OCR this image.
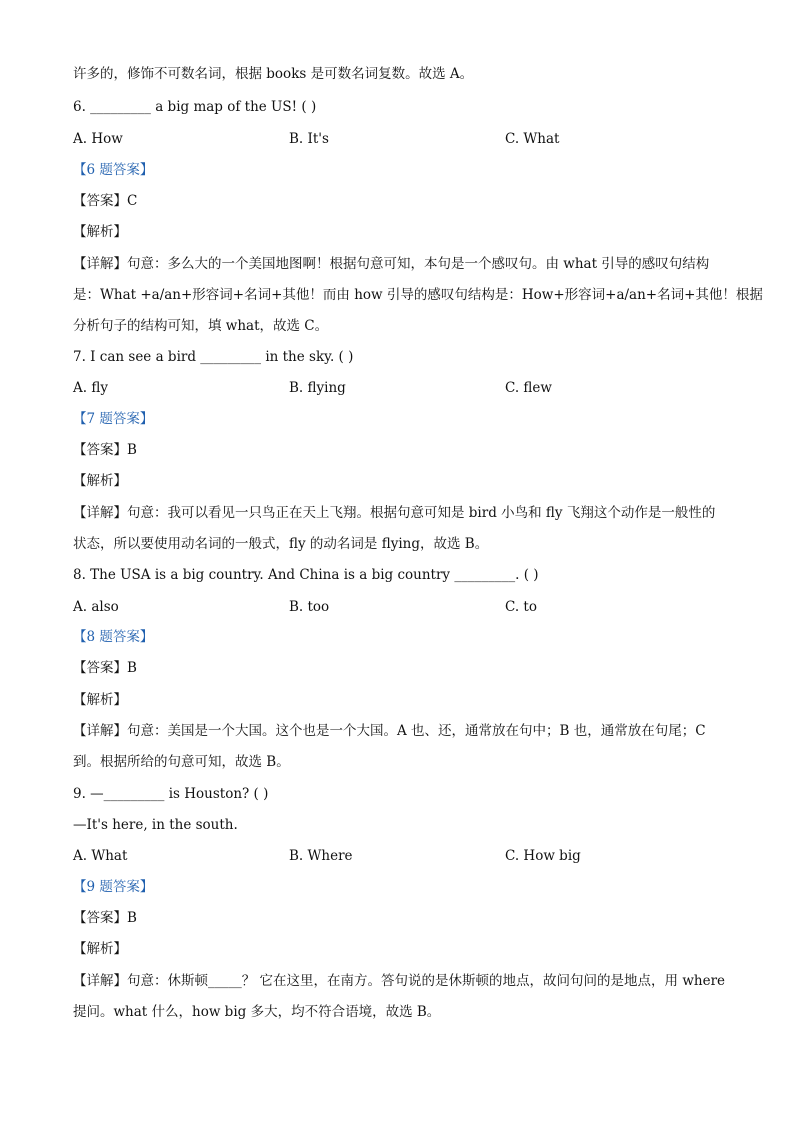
许多的，修饰不可数名词，根据 books 是可数名词复数。故选 A。
6. _________ a big map of the US! ( )
A. How	B. It's	C. What
【6 题答案】
【答案】C
【解析】
【详解】句意：多么大的一个美国地图啊！根据句意可知，本句是一个感叹句。由 what 引导的感叹句结构
是：What +a/an+形容词+名词+其他！而由 how 引导的感叹句结构是：How+形容词+a/an+名词+其他！根据
分析句子的结构可知，填 what，故选 C。
7. I can see a bird _________ in the sky. ( )
A. fly	B. flying	C. flew
【7 题答案】
【答案】B
【解析】
【详解】句意：我可以看见一只鸟正在天上飞翔。根据句意可知是 bird 小鸟和 fly 飞翔这个动作是一般性的
状态，所以要使用动名词的一般式，fly 的动名词是 flying，故选 B。
8. The USA is a big country. And China is a big country _________. ( )
A. also	B. too	C. to
【8 题答案】
【答案】B
【解析】
【详解】句意：美国是一个大国。这个也是一个大国。A 也、还，通常放在句中；B 也，通常放在句尾；C
到。根据所给的句意可知，故选 B。
9. —_________ is Houston? ( )
—It's here, in the south.
A. What	B. Where	C. How big
【9 题答案】
【答案】B
【解析】
【详解】句意：休斯顿_____？ 它在这里，在南方。答句说的是休斯顿的地点，故问句问的是地点，用 where
提问。what 什么，how big 多大，均不符合语境，故选 B。
